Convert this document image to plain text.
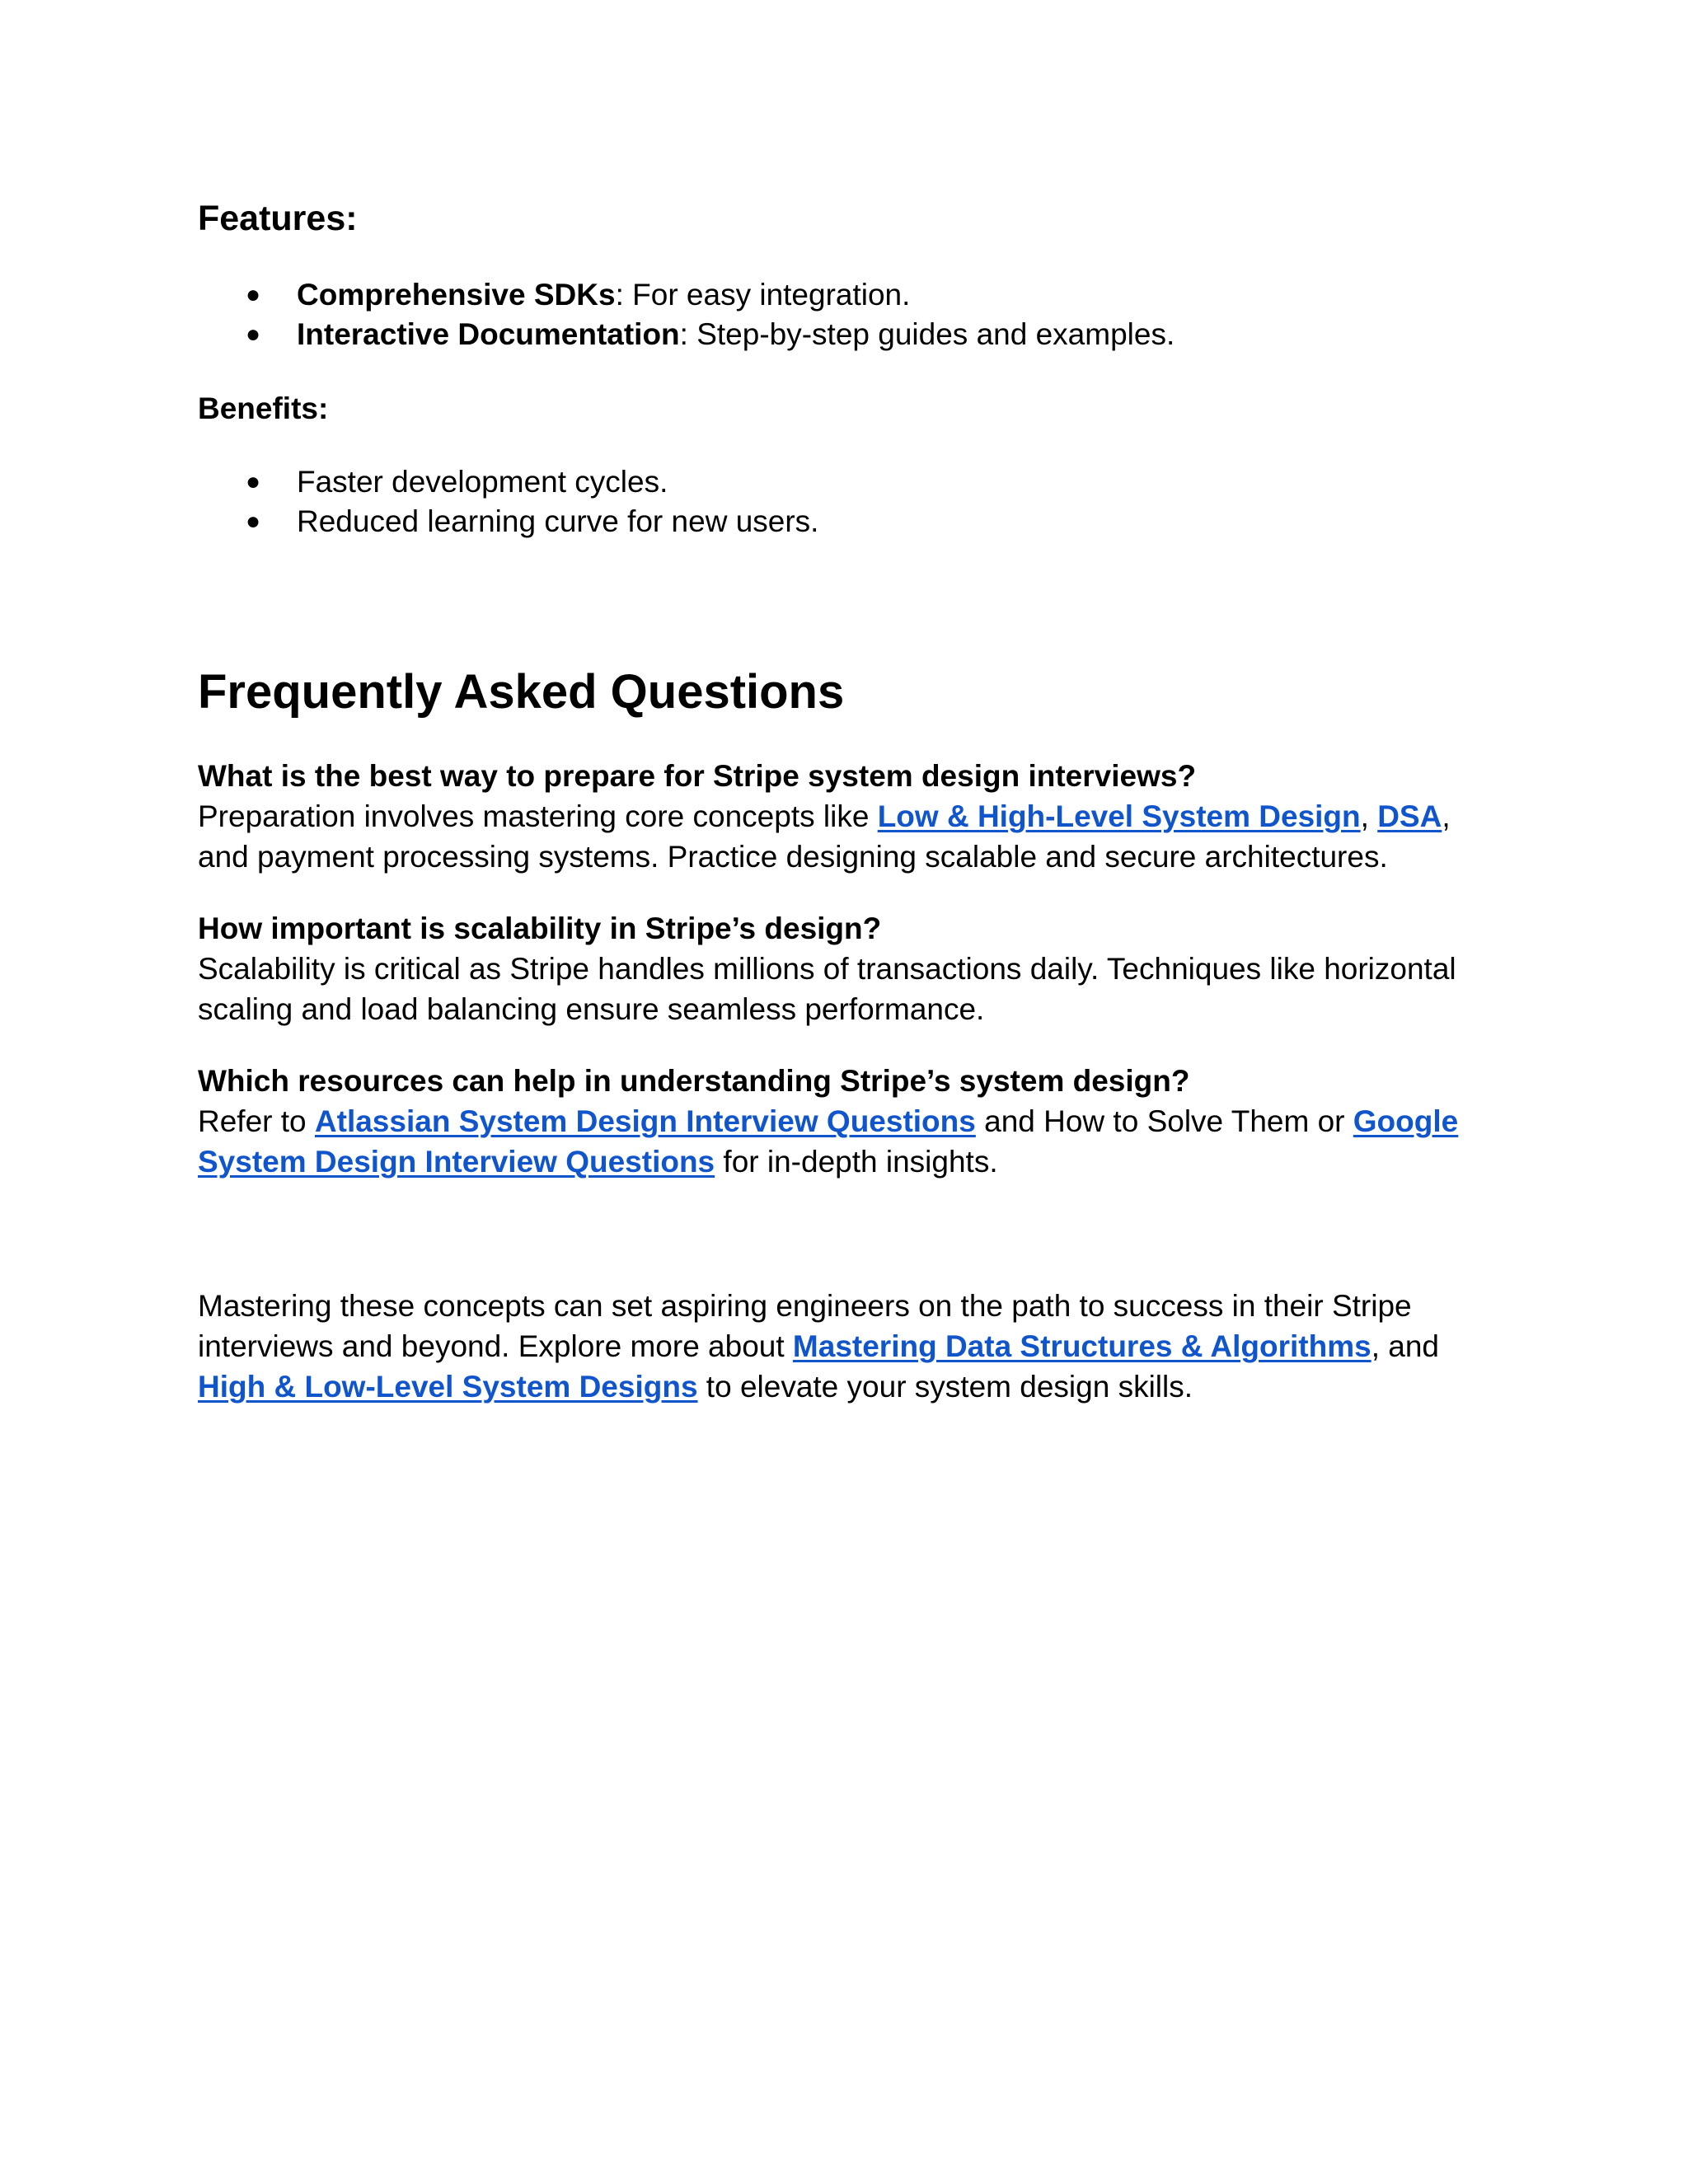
Features:
● Comprehensive SDKs: For easy integration.
● Interactive Documentation: Step-by-step guides and examples.
Benefits:
● Faster development cycles.
● Reduced learning curve for new users.
Frequently Asked Questions
What is the best way to prepare for Stripe system design interviews?
Preparation involves mastering core concepts like Low & High-Level System Design, DSA,
and payment processing systems. Practice designing scalable and secure architectures.
How important is scalability in Stripe’s design?
Scalability is critical as Stripe handles millions of transactions daily. Techniques like horizontal
scaling and load balancing ensure seamless performance.
Which resources can help in understanding Stripe’s system design?
Refer to Atlassian System Design Interview Questions and How to Solve Them or Google
System Design Interview Questions for in-depth insights.
Mastering these concepts can set aspiring engineers on the path to success in their Stripe
interviews and beyond. Explore more about Mastering Data Structures & Algorithms, and
High & Low-Level System Designs to elevate your system design skills.
